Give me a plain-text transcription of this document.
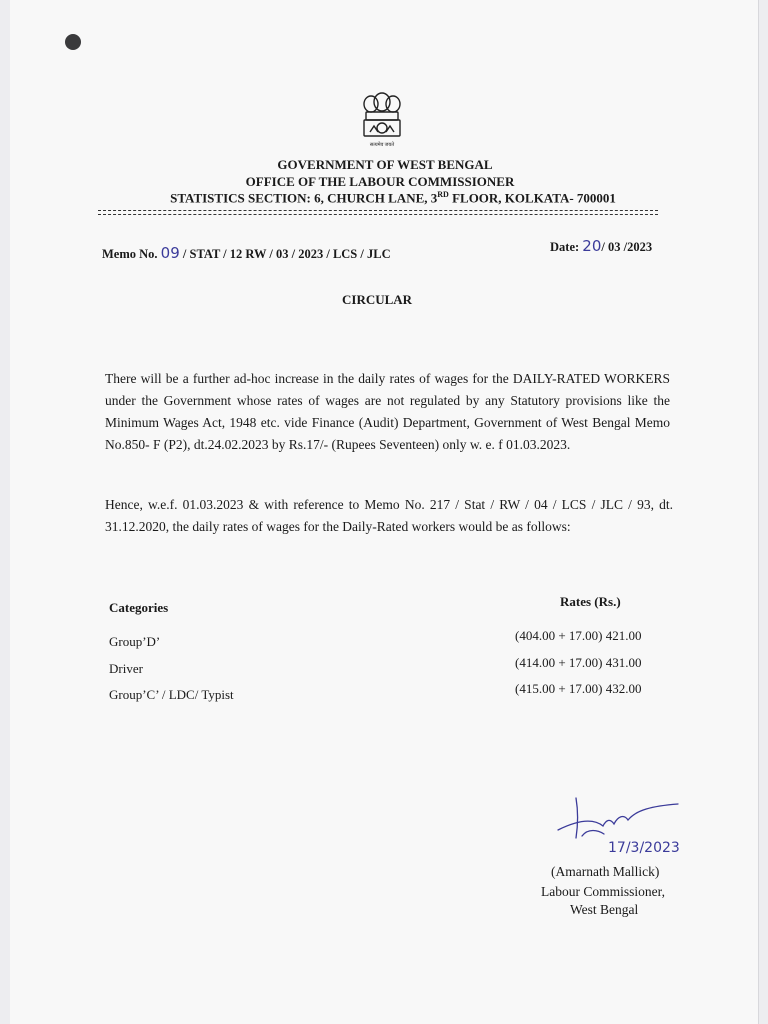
सत्यमेव जयते
GOVERNMENT OF WEST BENGAL
OFFICE OF THE LABOUR COMMISSIONER
STATISTICS SECTION: 6, CHURCH LANE, 3RD FLOOR, KOLKATA- 700001
Memo No. 09 / STAT / 12 RW / 03 / 2023 / LCS / JLC	Date: 20/ 03 /2023
CIRCULAR
There will be a further ad-hoc increase in the daily rates of wages for the DAILY-RATED WORKERS under the Government whose rates of wages are not regulated by any Statutory provisions like the Minimum Wages Act, 1948 etc. vide Finance (Audit) Department, Government of West Bengal Memo No.850- F (P2), dt.24.02.2023 by Rs.17/- (Rupees Seventeen) only w. e. f 01.03.2023.
Hence, w.e.f. 01.03.2023 & with reference to Memo No. 217 / Stat / RW / 04 / LCS / JLC / 93, dt. 31.12.2020, the daily rates of wages for the Daily-Rated workers would be as follows:
Categories	Rates (Rs.)
Group’D’	(404.00 + 17.00) 421.00
Driver	(414.00 + 17.00) 431.00
Group’C’ / LDC/ Typist	(415.00 + 17.00) 432.00
17/3/2023
(Amarnath Mallick)
Labour Commissioner,
West Bengal
